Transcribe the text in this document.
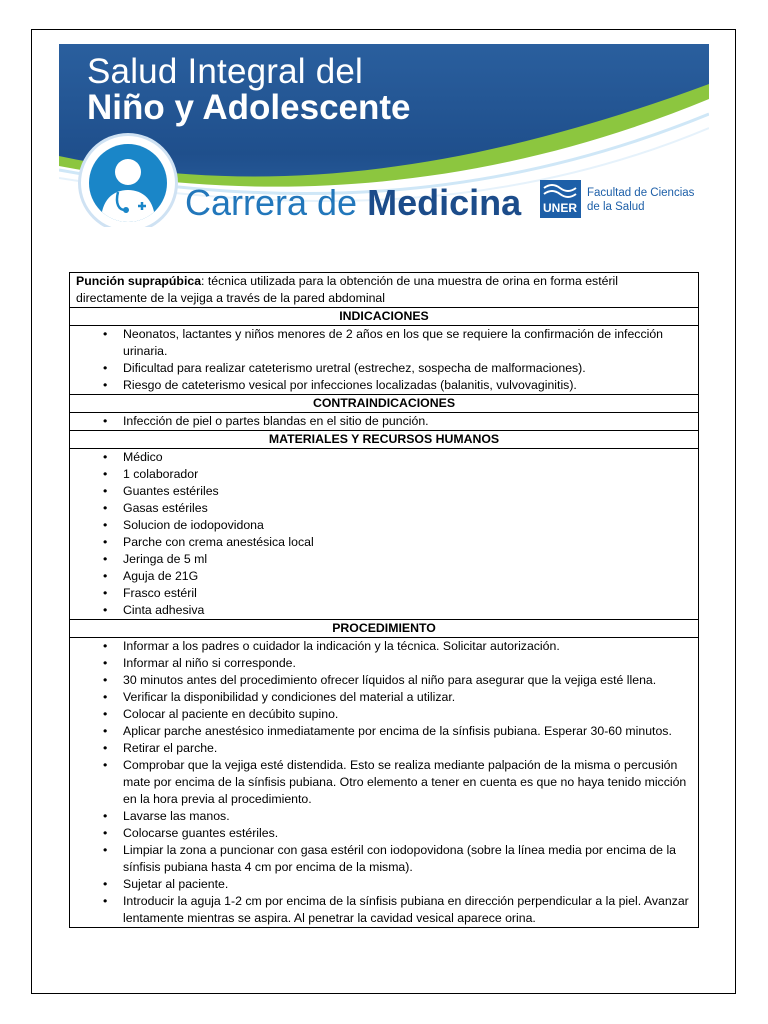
Salud Integral del
Niño y Adolescente
Carrera de Medicina UNER
Facultad de Ciencias
de la Salud
Punción suprapúbica: técnica utilizada para la obtención de una muestra de orina en forma estéril directamente de la vejiga a través de la pared abdominal
INDICACIONES

• Neonatos, lactantes y niños menores de 2 años en los que se requiere la confirmación de infección urinaria.
• Dificultad para realizar cateterismo uretral (estrechez, sospecha de malformaciones).
• Riesgo de cateterismo vesical por infecciones localizadas (balanitis, vulvovaginitis).

CONTRAINDICACIONES

• Infección de piel o partes blandas en el sitio de punción.

MATERIALES Y RECURSOS HUMANOS

• Médico
• 1 colaborador
• Guantes estériles
• Gasas estériles
• Solucion de iodopovidona
• Parche con crema anestésica local
• Jeringa de 5 ml
• Aguja de 21G
• Frasco estéril
• Cinta adhesiva

PROCEDIMIENTO

• Informar a los padres o cuidador la indicación y la técnica. Solicitar autorización.
• Informar al niño si corresponde.
• 30 minutos antes del procedimiento ofrecer líquidos al niño para asegurar que la vejiga esté llena.
• Verificar la disponibilidad y condiciones del material a utilizar.
• Colocar al paciente en decúbito supino.
• Aplicar parche anestésico inmediatamente por encima de la sínfisis pubiana. Esperar 30-60 minutos.
• Retirar el parche.
• Comprobar que la vejiga esté distendida. Esto se realiza mediante palpación de la misma o percusión mate por encima de la sínfisis pubiana. Otro elemento a tener en cuenta es que no haya tenido micción en la hora previa al procedimiento.
• Lavarse las manos.
• Colocarse guantes estériles.
• Limpiar la zona a puncionar con gasa estéril con iodopovidona (sobre la línea media por encima de la sínfisis pubiana hasta 4 cm por encima de la misma).
• Sujetar al paciente.
• Introducir la aguja 1-2 cm por encima de la sínfisis pubiana en dirección perpendicular a la piel. Avanzar lentamente mientras se aspira. Al penetrar la cavidad vesical aparece orina.
